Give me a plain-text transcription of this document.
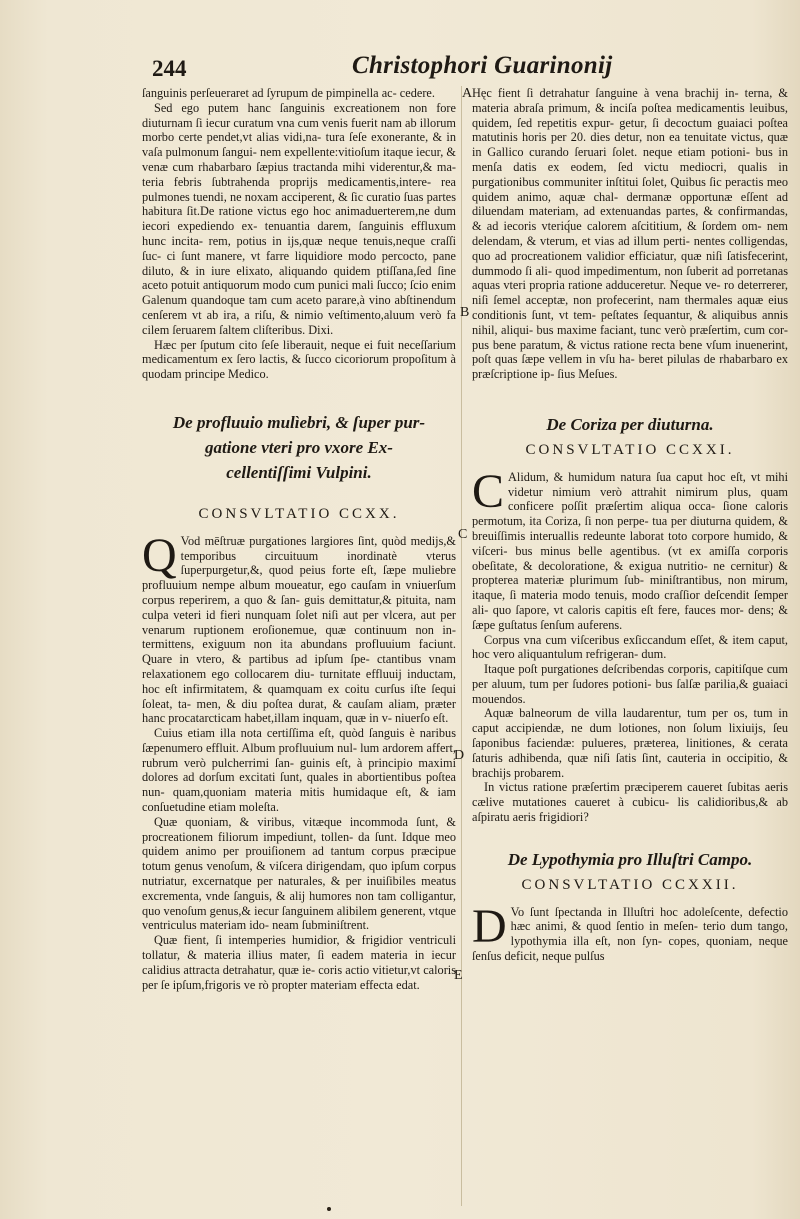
244	Christophori Guarinonij
A
B
C
D
E

ſanguinis perſeueraret ad ſyrupum de pimpinella ac- cedere.

Sed ego putem hanc ſanguinis excreationem non fore diuturnam ſi iecur curatum vna cum venis fuerit nam ab illorum morbo certe pendet,vt alias vidi,na- tura ſeſe exonerante, & in vaſa pulmonum ſangui- nem expellente:vitioſum itaque iecur, & venæ cum rhabarbaro ſæpius tractanda mihi viderentur,& ma- teria febris ſubtrahenda proprijs medicamentis,intere- rea pulmones tuendi, ne noxam acciperent, & ſic curatio ſuas partes habitura ſit.De ratione victus ego hoc animaduerterem,ne dum iecori expediendo ex- tenuantia darem, ſanguinis effluxum hunc incita- rem, potius in ijs,quæ neque tenuis,neque craſſi ſuc- ci ſunt manere, vt farre liquidiore modo percocto, pane diluto, & in iure elixato, aliquando quidem ptiſſana,ſed ſine aceto potuit antiquorum modo cum punici mali ſucco; ſcio enim Galenum quandoque tam cum aceto parare,à vino abſtinendum cenſerem vt ab ira, a riſu, & nimio veſtimento,aluum verò fa cilem ſeruarem ſaltem cliſteribus. Dixi.

Hæc per ſputum cito ſeſe liberauit, neque ei fuit neceſſarium medicamentum ex ſero lactis, & ſucco cicoriorum propoſitum à quodam principe Medico.

De profluuio mulìebri, & ſuper pur- gatione vteri pro vxore Ex- cellentiſſimi Vulpini.
CONSVLTATIO CCXX.

Q Vod mēſtruæ purgationes largiores ſint, quòd medijs,& temporibus circuituum inordinatè vterus ſuperpurgetur,&, quod peius forte eſt, ſæpe muliebre profluuium nempe album moueatur, ego cauſam in vniuerſum corpus reperirem, a quo & ſan- guis demittatur,& pituita, nam culpa veteri id fieri nunquam ſolet niſi aut per vlcera, aut per venarum ruptionem eroſionemue, quæ continuum non in- termittens, exiguum non ita abundans profluuium faciunt. Quare in vtero, & partibus ad ipſum ſpe- ctantibus vnam relaxationem ego collocarem diu- turnitate effluuij inductam, hoc eſt infirmitatem, & quamquam ex coitu curſus iſte ſequi ſoleat, ta- men, & diu poſtea durat, & cauſam aliam, præter hanc procatarcticam habet,illam inquam, quæ in v- niuerſo eſt.

Cuius etiam illa nota certiſſima eſt, quòd ſanguis è naribus ſæpenumero effluit. Album profluuium nul- lum ardorem affert, rubrum verò pulcherrimi ſan- guinis eſt, à principio maximi dolores ad dorſum excitati ſunt, quales in abortientibus poſtea nun- quam,quoniam materia mitis humidaque eſt, & iam conſuetudine etiam moleſta.

Quæ quoniam, & viribus, vitæque incommoda ſunt, & procreationem filiorum impediunt, tollen- da ſunt. Idque meo quidem animo per prouiſionem ad tantum corpus præcipue totum genus venoſum, & viſcera dirigendam, quo ipſum corpus nutriatur, excernatque per naturales, & per inuiſibiles meatus excrementa, vnde ſanguis, & alij humores non tam colligantur, quo venoſum genus,& iecur ſanguinem alibilem generent, vtque ventriculus materiam ido- neam ſubminiſtrent.

Quæ fient, ſi intemperies humidior, & frigidior ventriculi tollatur, & materia illius mater, ſi eadem materia in iecur calidius attracta detrahatur, quæ ie- coris actio vitietur,vt caloris per ſe ipſum,frigoris ve rò propter materiam effecta edat.

Hęc fient ſi detrahatur ſanguine à vena brachij in- terna, & materia abraſa primum, & inciſa poſtea medicamentis leuibus, quidem, ſed repetitis expur- getur, ſi decoctum guaiaci poſtea matutinis horis per 20. dies detur, non ea tenuitate victus, quæ in Gallico curando ſeruari ſolet. neque etiam potioni- bus in menſa datis ex eodem, ſed victu mediocri, qualis in purgationibus communiter inſtitui ſolet, Quibus ſic peractis meo quidem animo, aquæ chal- dermanæ opportunæ eſſent ad diluendam materiam, ad extenuandas partes, & confirmandas, & ad iecoris vteriq́ue calorem aſcititium, & ſordem om- nem delendam, & vterum, et vias ad illum perti- nentes colligendas, quo ad procreationem validior efficiatur, quæ niſi ſatisfecerint, dummodo ſi ali- quod impedimentum, non ſuberit ad porretanas aquas vteri propria ratione adduceretur. Neque ve- ro deterrerer, niſi ſemel acceptæ, non profecerint, nam thermales aquæ eius conditionis ſunt, vt tem- peſtates ſequantur, & aliquibus annis nihil, aliqui- bus maxime faciant, tunc verò præſertim, cum cor- pus bene paratum, & victus ratione recta bene vſum inuenerint, poſt quas ſæpe vellem in vſu ha- beret pilulas de rhabarbaro ex præſcriptione ip- ſius Meſues.

De Coriza per diuturna.
CONSVLTATIO CCXXI.

C Alidum, & humidum natura ſua caput hoc eſt, vt mihi videtur nimium verò attrahit nimirum plus, quam conficere poſſit præſertim aliqua occa- ſione caloris permotum, ita Coriza, ſi non perpe- tua per diuturna quidem, & breuiſſimis interuallis redeunte laborat toto corpore humido, & viſceri- bus minus belle agentibus. (vt ex amiſſa corporis obeſitate, & decoloratione, & exigua nutritio- ne cernitur) & propterea materiæ plurimum ſub- miniſtrantibus, non mirum, itaque, ſi materia modo tenuis, modo craſſior deſcendit ſemper ali- quo ſapore, vt caloris capitis eſt fere, fauces mor- dens; & ſæpe guſtatus ſenſum auferens.

Corpus vna cum viſceribus exſiccandum eſſet, & item caput, hoc vero aliquantulum refrigeran- dum.

Itaque poſt purgationes deſcribendas corporis, capitiſque cum per aluum, tum per ſudores potioni- bus ſalſæ parilia,& guaiaci mouendos.

Aquæ balneorum de villa laudarentur, tum per os, tum in caput accipiendæ, ne dum lotiones, non ſolum lixiuijs, ſeu ſaponibus faciendæ: pulueres, præterea, linitiones, & cerata ſaturis adhibenda, quæ niſi ſatis ſint, cauteria in occipitio, & brachijs probarem.

In victus ratione præſertim præciperem caueret ſubitas aeris cælive mutationes caueret à cubicu- lis calidioribus,& ab aſpiratu aeris frigidiori?

De Lypothymia pro Illuſtri Campo.
CONSVLTATIO CCXXII.

D Vo ſunt ſpectanda in Illuſtri hoc adoleſcente, defectio hæc animi, & quod ſentio in meſen- terio dum tango, lypothymia illa eſt, non ſyn- copes, quoniam, neque ſenſus deficit, neque pulſus
